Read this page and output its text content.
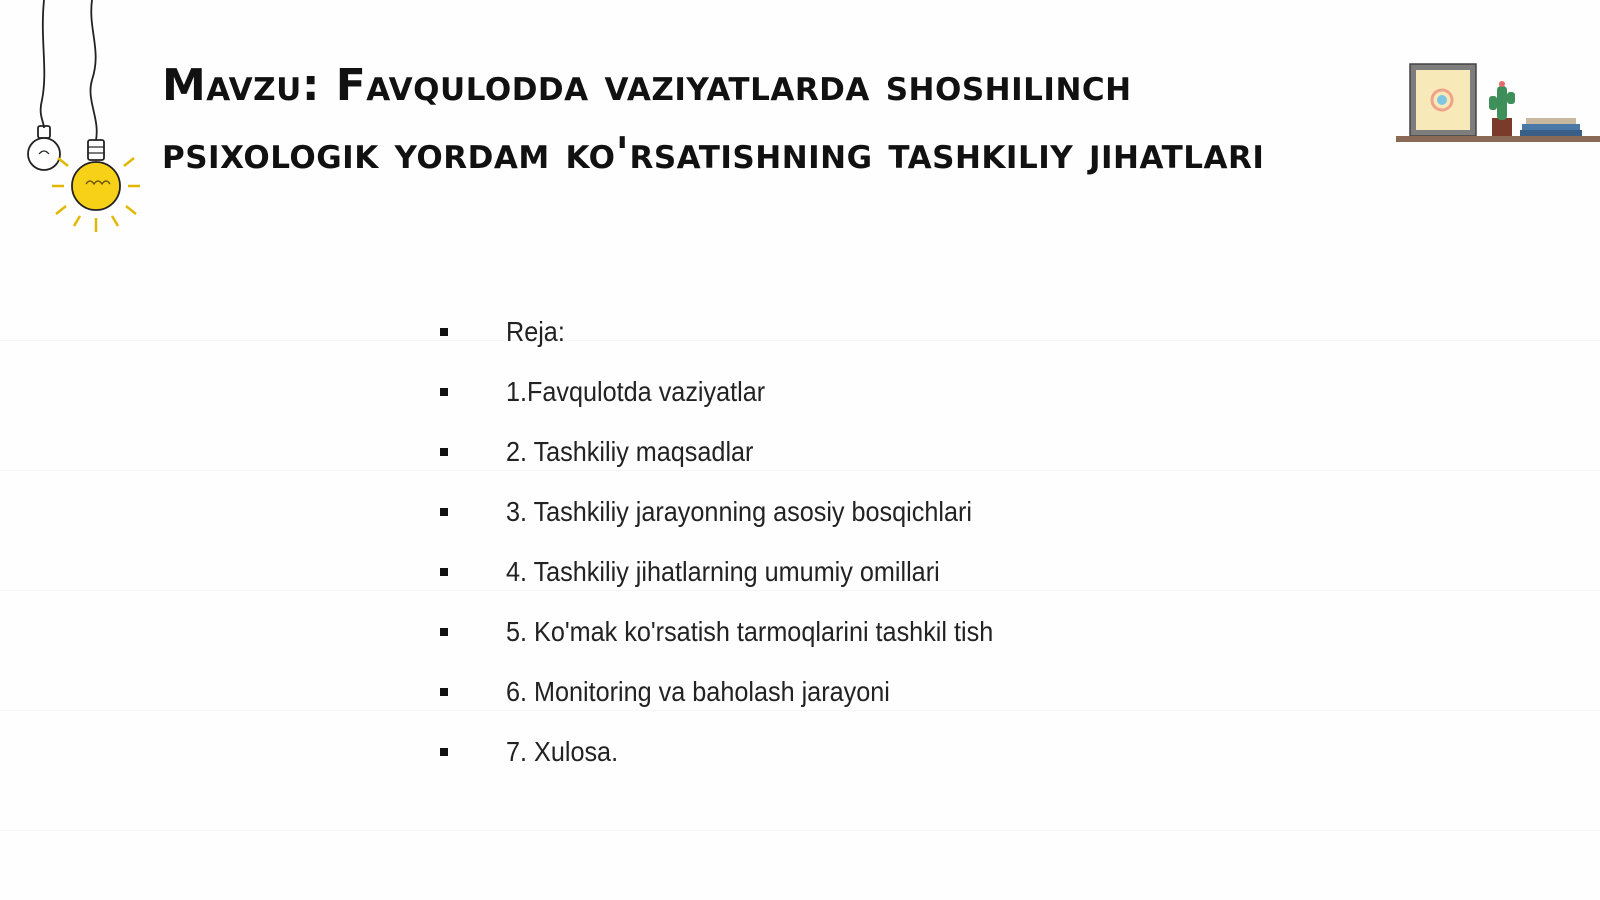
Mavzu: Favqulodda vaziyatlarda shoshilinch psixologik yordam ko'rsatishning tashkiliy jihatlari
Reja:
1.Favqulotda vaziyatlar
2. Tashkiliy maqsadlar
3. Tashkiliy jarayonning asosiy bosqichlari
4. Tashkiliy jihatlarning umumiy omillari
5. Ko'mak ko'rsatish tarmoqlarini tashkil tish
6. Monitoring va baholash jarayoni
7. Xulosa.
